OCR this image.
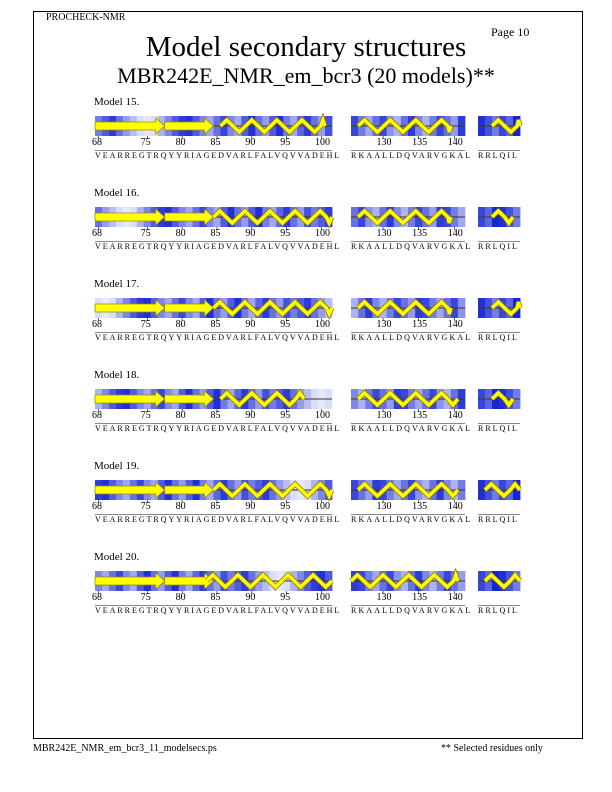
PROCHECK-NMR
Page 10
Model secondary structures
MBR242E_NMR_em_bcr3 (20 models)**
Model 15.
68	75 80 85 90 95 100
VEARREGTRQYYRIAGEDVARLFALVQVVADEHL
130 135 140
RKAALLDQVARVGKAL RRLQIL
Model 16.
68	75 80 85 90 95 100
VEARREGTRQYYRIAGEDVARLFALVQVVADEHL
130 135 140
RKAALLDQVARVGKAL RRLQIL
Model 17.
68	75 80 85 90 95 100
VEARREGTRQYYRIAGEDVARLFALVQVVADEHL
130 135 140
RKAALLDQVARVGKAL RRLQIL
Model 18.
68	75 80 85 90 95 100
VEARREGTRQYYRIAGEDVARLFALVQVVADEHL
130 135 140
RKAALLDQVARVGKAL RRLQIL
Model 19.
68	75 80 85 90 95 100
VEARREGTRQYYRIAGEDVARLFALVQVVADEHL
130 135 140
RKAALLDQVARVGKAL RRLQIL
Model 20.
68	75 80 85 90 95 100
VEARREGTRQYYRIAGEDVARLFALVQVVADEHL
130 135 140
RKAALLDQVARVGKAL RRLQIL
MBR242E_NMR_em_bcr3_11_modelsecs.ps	** Selected residues only
